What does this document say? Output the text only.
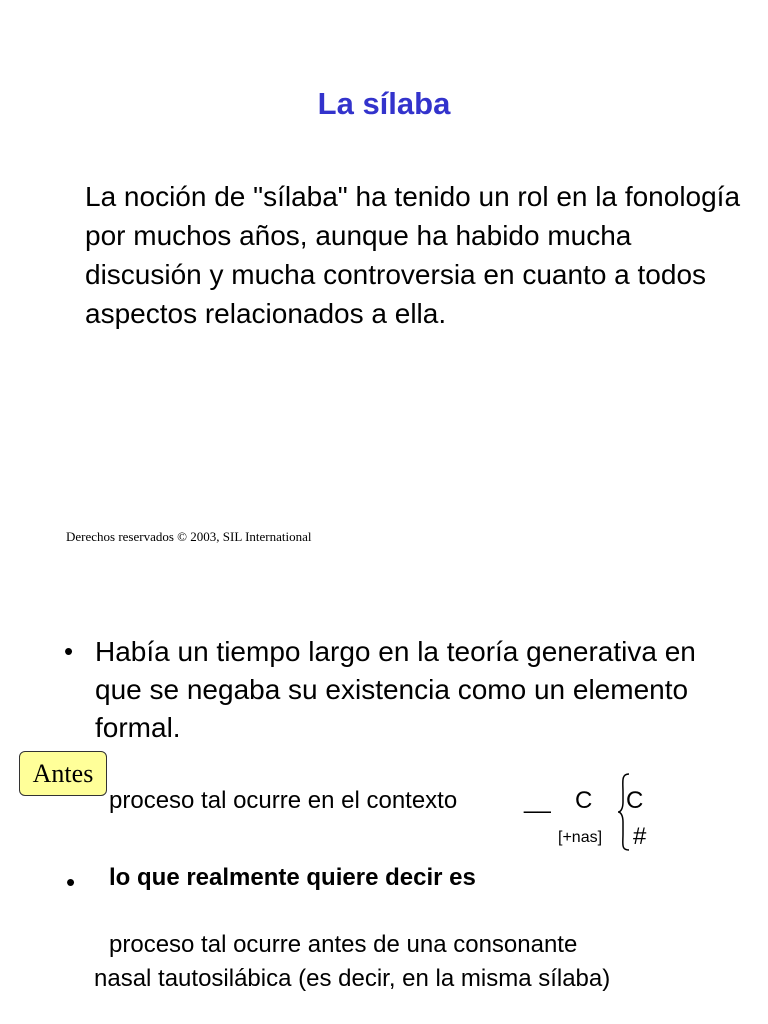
La sílaba
La noción de "sílaba" ha tenido un rol en la fonología por muchos años, aunque ha habido mucha discusión y mucha controversia en cuanto a todos aspectos relacionados a ella.
Derechos reservados © 2003, SIL International
• Había un tiempo largo en la teoría generativa en que se negaba su existencia como un elemento formal.
Antes
proceso tal ocurre en el contexto	__ C
[+nas]
C
#
• lo que realmente quiere decir es
proceso tal ocurre antes de una consonante
nasal tautosilábica (es decir, en la misma sílaba)
